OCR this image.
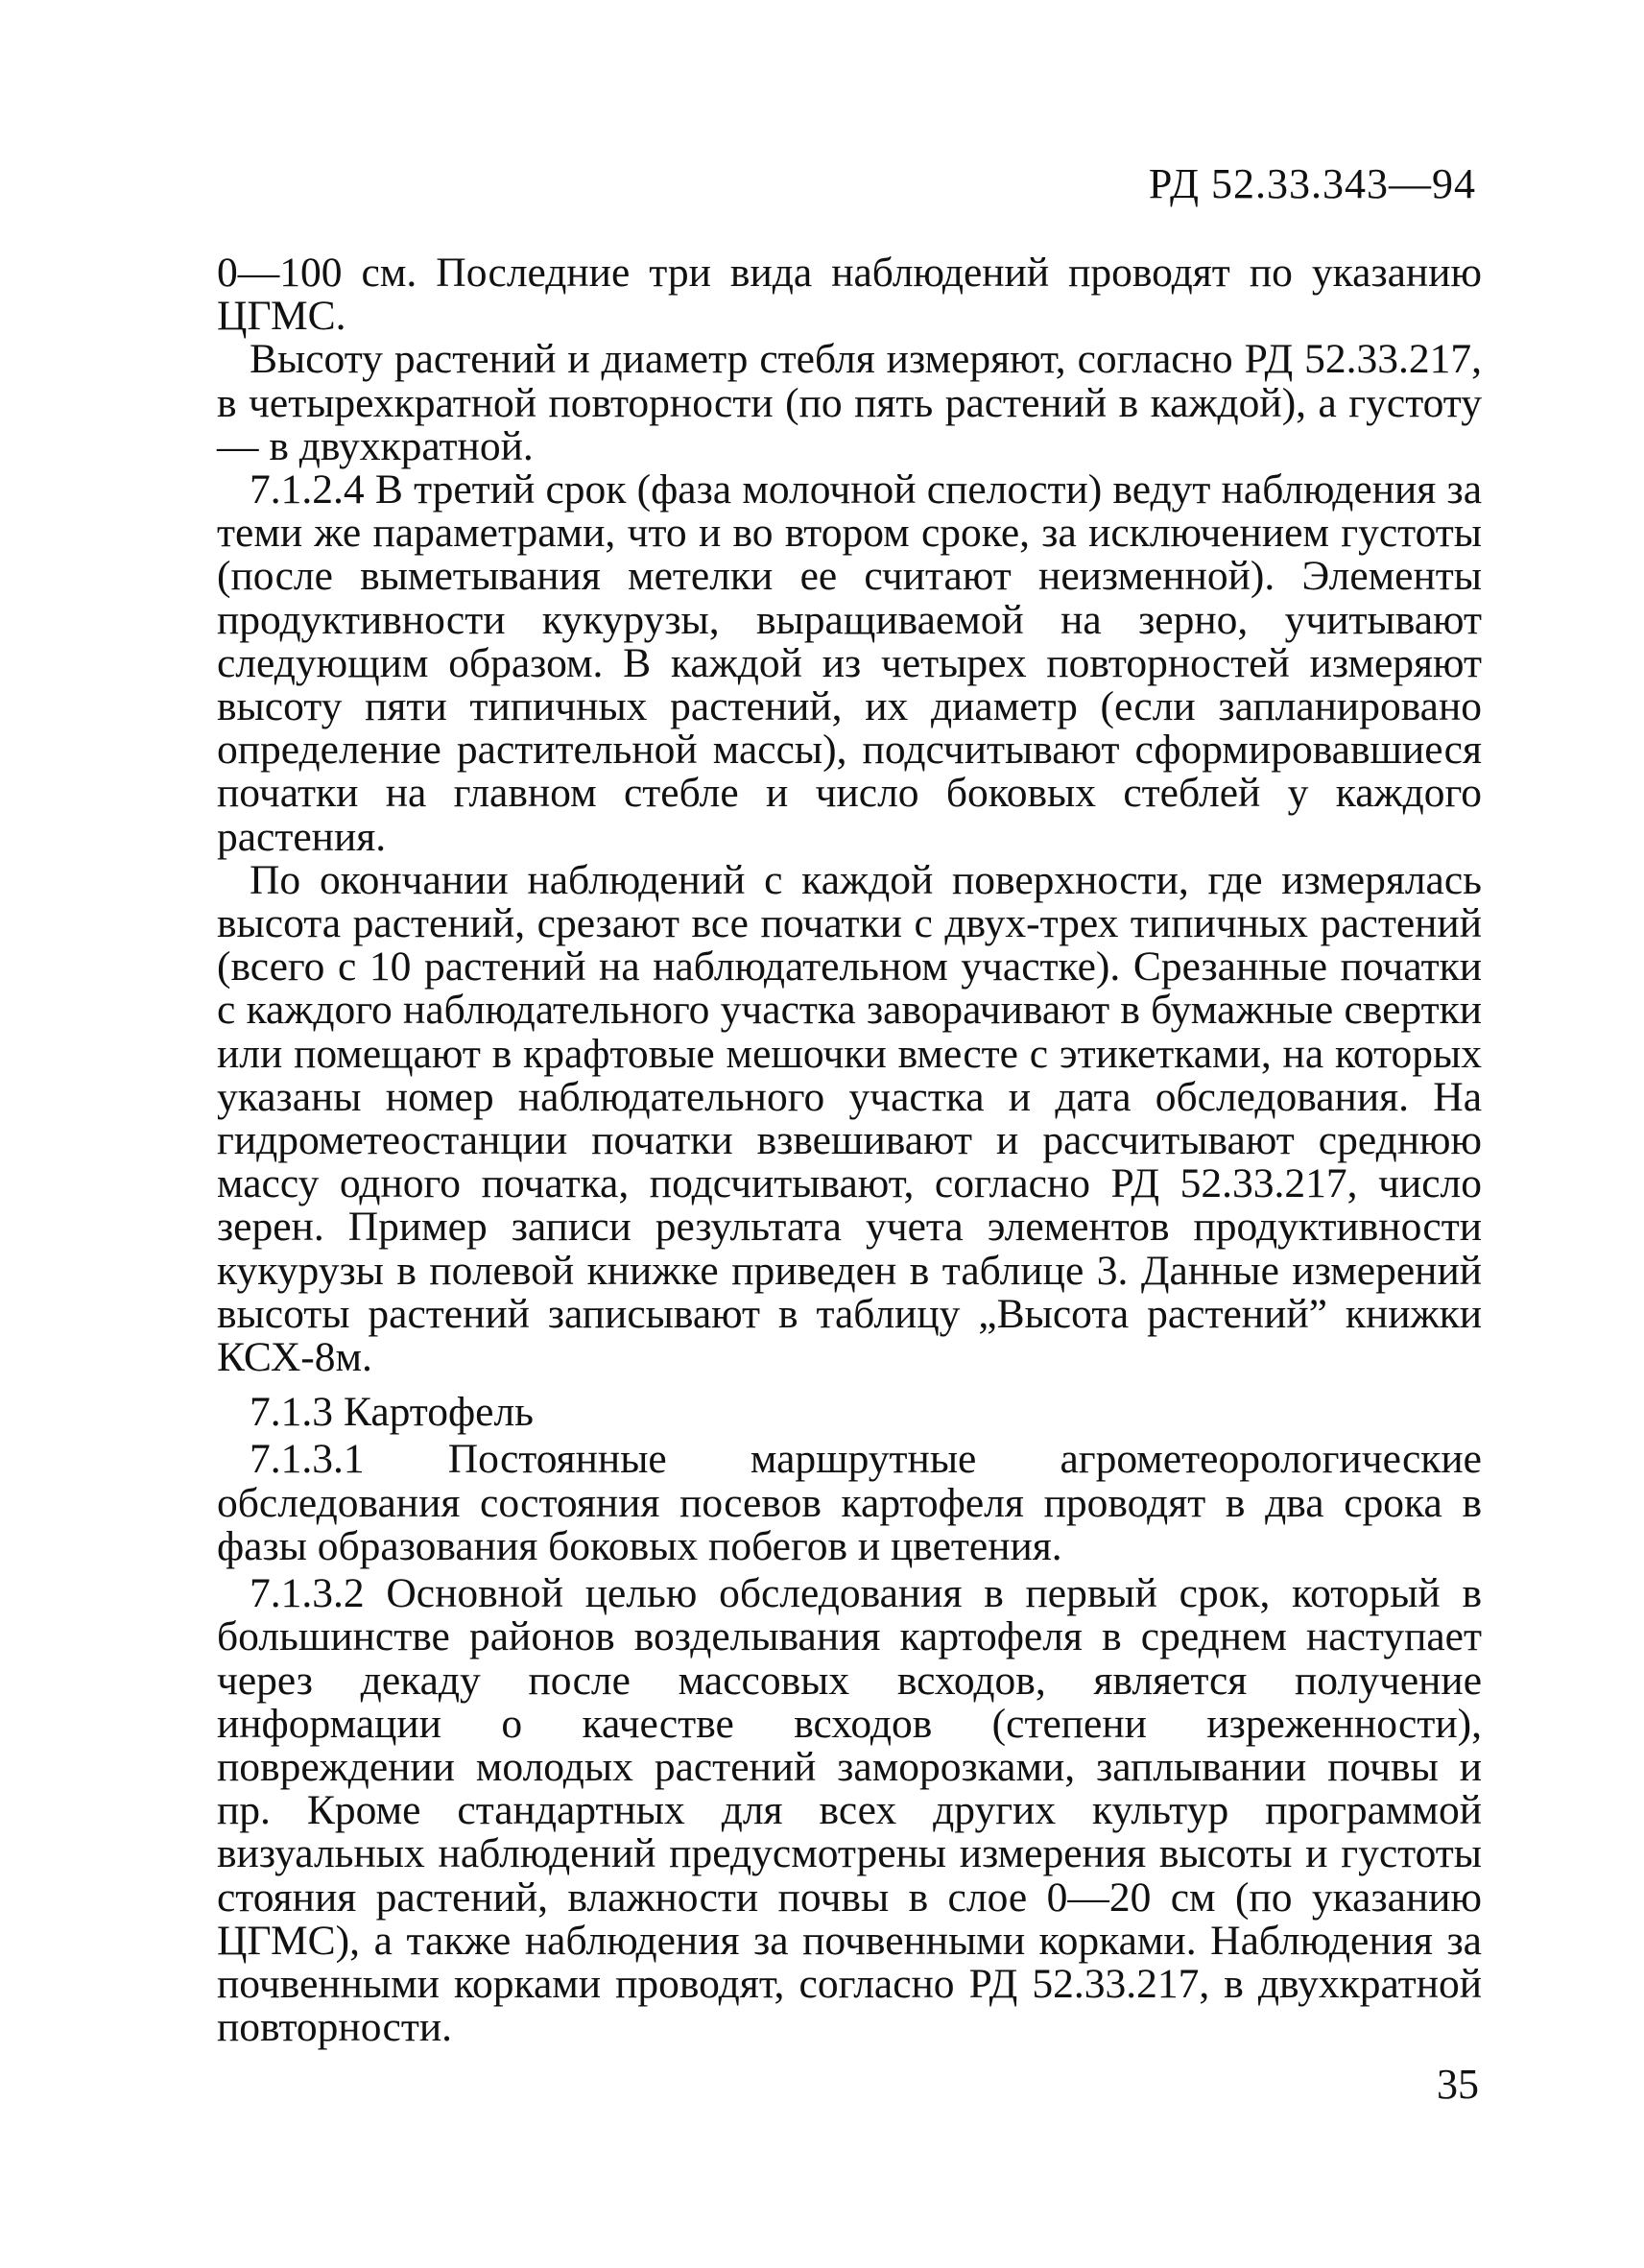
РД 52.33.343—94

0—100 см. Последние три вида наблюдений проводят по указанию ЦГМС.

Высоту растений и диаметр стебля измеряют, согласно РД 52.33.217, в четырехкратной повторности (по пять растений в каждой), а густоту — в двухкратной.

7.1.2.4 В третий срок (фаза молочной спелости) ведут наблюдения за теми же параметрами, что и во втором сроке, за исключением густоты (после выметывания метелки ее считают неизменной). Элементы продуктивности кукурузы, выращиваемой на зерно, учитывают следующим образом. В каждой из четырех повторностей измеряют высоту пяти типичных растений, их диаметр (если запланировано определение растительной массы), подсчитывают сформировавшиеся початки на главном стебле и число боковых стеблей у каждого растения.

По окончании наблюдений с каждой поверхности, где измерялась высота растений, срезают все початки с двух-трех типичных растений (всего с 10 растений на наблюдательном участке). Срезанные початки с каждого наблюдательного участка заворачивают в бумажные свертки или помещают в крафтовые мешочки вместе с этикетками, на которых указаны номер наблюдательного участка и дата обследования. На гидрометеостанции початки взвешивают и рассчитывают среднюю массу одного початка, подсчитывают, согласно РД 52.33.217, число зерен. Пример записи результата учета элементов продуктивности кукурузы в полевой книжке приведен в таблице 3. Данные измерений высоты растений записывают в таблицу „Высота растений” книжки КСХ-8м.

7.1.3 Картофель

7.1.3.1 Постоянные маршрутные агрометеорологические обследования состояния посевов картофеля проводят в два срока в фазы образования боковых побегов и цветения.

7.1.3.2 Основной целью обследования в первый срок, который в большинстве районов возделывания картофеля в среднем наступает через декаду после массовых всходов, является получение информации о качестве всходов (степени изреженности), повреждении молодых растений заморозками, заплывании почвы и пр. Кроме стандартных для всех других культур программой визуальных наблюдений предусмотрены измерения высоты и густоты стояния растений, влажности почвы в слое 0—20 см (по указанию ЦГМС), а также наблюдения за почвенными корками. Наблюдения за почвенными корками проводят, согласно РД 52.33.217, в двухкратной повторности.

35
